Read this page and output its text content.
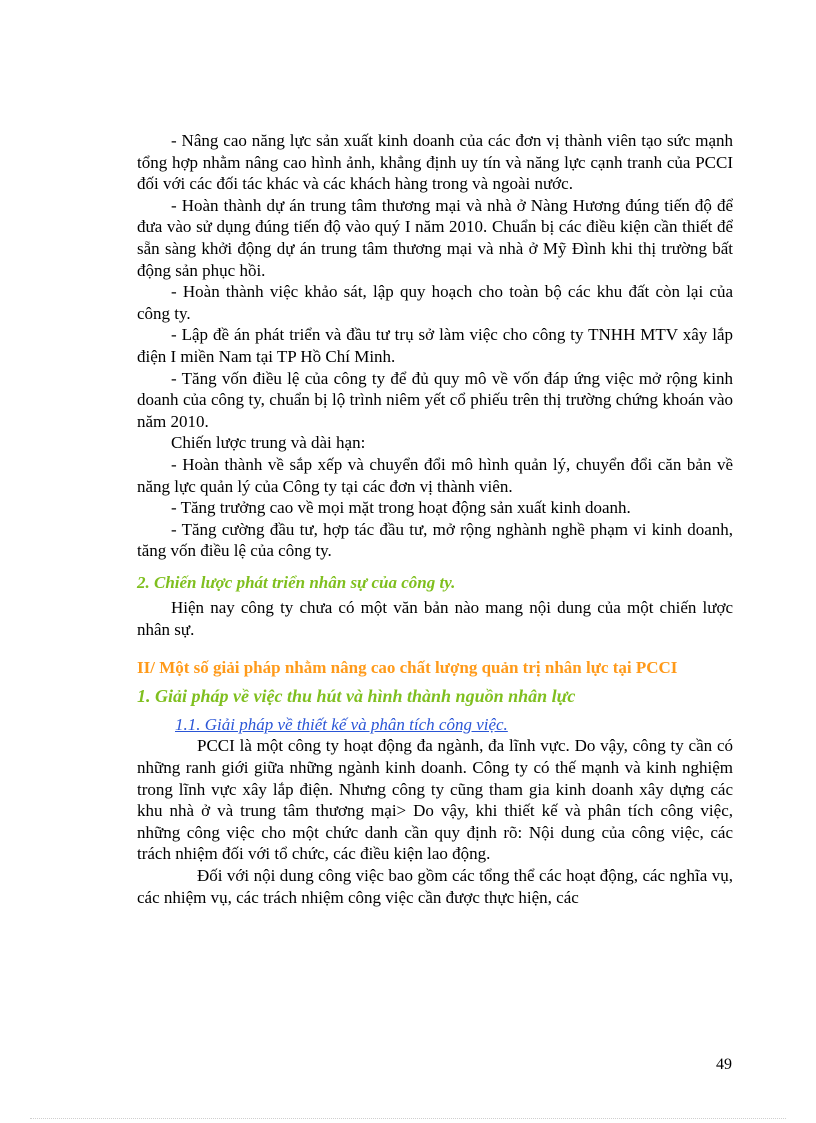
- Nâng cao năng lực sản xuất kinh doanh của các đơn vị thành viên tạo sức mạnh tổng hợp nhằm nâng cao hình ảnh, khẳng định uy tín và năng lực cạnh tranh của PCCI đối với các đối tác khác và các khách hàng trong và ngoài nước.

- Hoàn thành dự án trung tâm thương mại và nhà ở Nàng Hương đúng tiến độ để đưa vào sử dụng đúng tiến độ vào quý I năm 2010. Chuẩn bị các điều kiện cần thiết để sẵn sàng khởi động dự án trung tâm thương mại và nhà ở Mỹ Đình khi thị trường bất động sản phục hồi.

- Hoàn thành việc khảo sát, lập quy hoạch cho toàn bộ các khu đất còn lại của công ty.

- Lập đề án phát triển và đầu tư trụ sở làm việc cho công ty TNHH MTV xây lắp điện I miền Nam tại TP Hồ Chí Minh.

- Tăng vốn điều lệ của công ty để đủ quy mô về vốn đáp ứng việc mở rộng kinh doanh của công ty, chuẩn bị lộ trình niêm yết cổ phiếu trên thị trường chứng khoán vào năm 2010.

Chiến lược trung và dài hạn:

- Hoàn thành về sắp xếp và chuyển đổi mô hình quản lý, chuyển đổi căn bản về năng lực quản lý của Công ty tại các đơn vị thành viên.

- Tăng trưởng cao về mọi mặt trong hoạt động sản xuất kinh doanh.

- Tăng cường đầu tư, hợp tác đầu tư, mở rộng nghành nghề phạm vi kinh doanh, tăng vốn điều lệ của công ty.

2. Chiến lược phát triển nhân sự của công ty.

Hiện nay công ty chưa có một văn bản nào mang nội dung của một chiến lược nhân sự.

II/ Một số giải pháp nhằm nâng cao chất lượng quản trị nhân lực tại PCCI

1. Giải pháp về việc thu hút và hình thành nguồn nhân lực

1.1. Giải pháp về thiết kế và phân tích công việc.

PCCI là một công ty hoạt động đa ngành, đa lĩnh vực. Do vậy, công ty cần có những ranh giới giữa những ngành kinh doanh. Công ty có thế mạnh và kinh nghiệm trong lĩnh vực xây lắp điện. Nhưng công ty cũng tham gia kinh doanh xây dựng các khu nhà ở và trung tâm thương mại> Do vậy, khi thiết kế và phân tích công việc, những công việc cho một chức danh cần quy định rõ: Nội dung của công việc, các trách nhiệm đối với tổ chức, các điều kiện lao động.

Đối với nội dung công việc bao gồm các tổng thể các hoạt động, các nghĩa vụ, các nhiệm vụ, các trách nhiệm công việc cần được thực hiện, các

49
